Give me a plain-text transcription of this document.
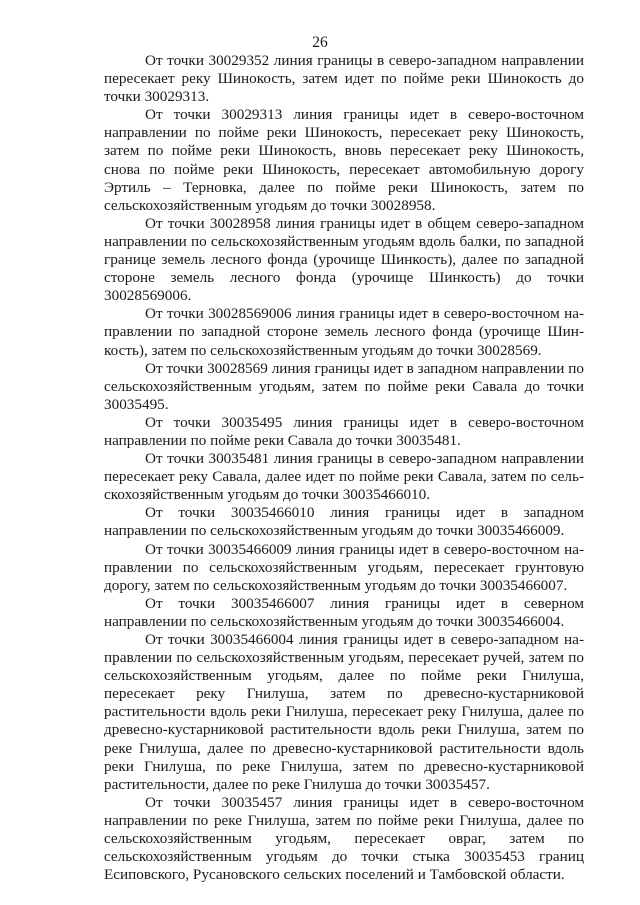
26

От точки 30029352 линия границы в северо-западном направлении пересекает реку Шинокость, затем идет по пойме реки Шинокость до точки 30029313.

От точки 30029313 линия границы идет в северо-восточном направлении по пойме реки Шинокость, пересекает реку Шинокость, затем по пойме реки Шинокость, вновь пересекает реку Шинокость, снова по пойме реки Шинокость, пересекает автомобильную дорогу Эртиль – Терновка, далее по пойме реки Шинокость, затем по сельскохозяйственным угодьям до точки 30028958.

От точки 30028958 линия границы идет в общем северо-западном направлении по сельскохозяйственным угодьям вдоль балки, по западной границе земель лесного фонда (урочище Шинкость), далее по западной стороне земель лесного фонда (урочище Шинкость) до точки 30028569006.

От точки 30028569006 линия границы идет в северо-восточном направлении по западной стороне земель лесного фонда (урочище Шинкость), затем по сельскохозяйственным угодьям до точки 30028569.

От точки 30028569 линия границы идет в западном направлении по сельскохозяйственным угодьям, затем по пойме реки Савала до точки 30035495.

От точки 30035495 линия границы идет в северо-восточном направлении по пойме реки Савала до точки 30035481.

От точки 30035481 линия границы в северо-западном направлении пересекает реку Савала, далее идет по пойме реки Савала, затем по сельскохозяйственным угодьям до точки 30035466010.

От точки 30035466010 линия границы идет в западном направлении по сельскохозяйственным угодьям до точки 30035466009.

От точки 30035466009 линия границы идет в северо-восточном направлении по сельскохозяйственным угодьям, пересекает грунтовую дорогу, затем по сельскохозяйственным угодьям до точки 30035466007.

От точки 30035466007 линия границы идет в северном направлении по сельскохозяйственным угодьям до точки 30035466004.

От точки 30035466004 линия границы идет в северо-западном направлении по сельскохозяйственным угодьям, пересекает ручей, затем по сельскохозяйственным угодьям, далее по пойме реки Гнилуша, пересекает реку Гнилуша, затем по древесно-кустарниковой растительности вдоль реки Гнилуша, пересекает реку Гнилуша, далее по древесно-кустарниковой растительности вдоль реки Гнилуша, затем по реке Гнилуша, далее по древесно-кустарниковой растительности вдоль реки Гнилуша, по реке Гнилуша, затем по древесно-кустарниковой растительности, далее по реке Гнилуша до точки 30035457.

От точки 30035457 линия границы идет в северо-восточном направлении по реке Гнилуша, затем по пойме реки Гнилуша, далее по сельскохозяйственным угодьям, пересекает овраг, затем по сельскохозяйственным угодьям до точки стыка 30035453 границ Есиповского, Русановского сельских поселений и Тамбовской области.
